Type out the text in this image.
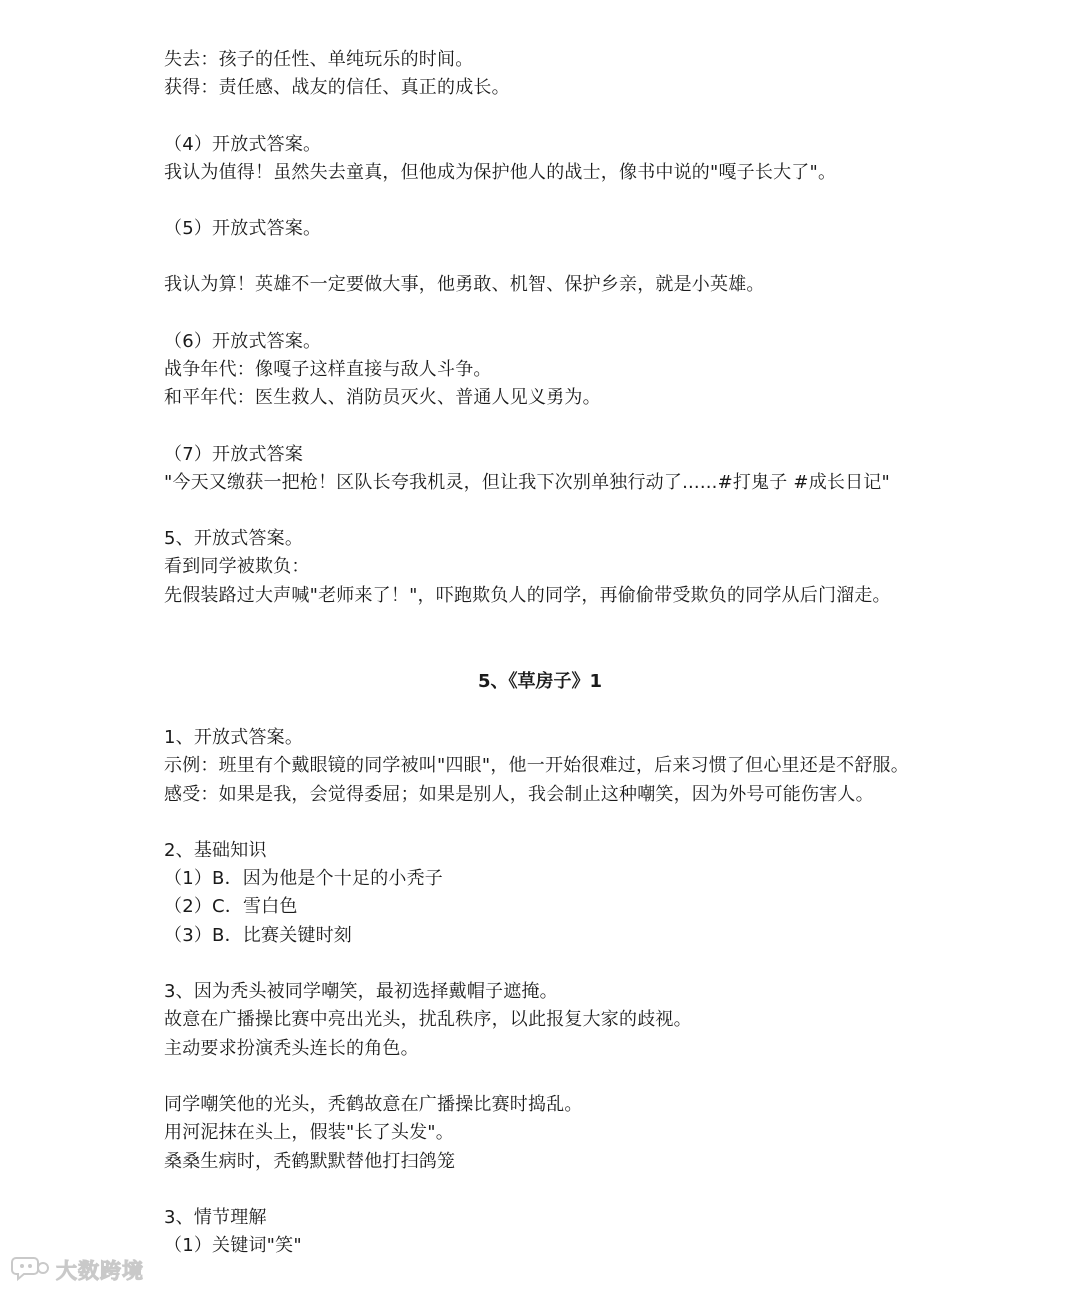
失去：孩子的任性、单纯玩乐的时间。
获得：责任感、战友的信任、真正的成长。
（4）开放式答案。
我认为值得！虽然失去童真，但他成为保护他人的战士，像书中说的"嘎子长大了"。
（5）开放式答案。
我认为算！英雄不一定要做大事，他勇敢、机智、保护乡亲，就是小英雄。
（6）开放式答案。
战争年代：像嘎子这样直接与敌人斗争。
和平年代：医生救人、消防员灭火、普通人见义勇为。
（7）开放式答案
"今天又缴获一把枪！区队长夸我机灵，但让我下次别单独行动了......#打鬼子 #成长日记"
5、开放式答案。
看到同学被欺负：
先假装路过大声喊"老师来了！"，吓跑欺负人的同学，再偷偷带受欺负的同学从后门溜走。
5、《草房子》1
1、开放式答案。
示例：班里有个戴眼镜的同学被叫"四眼"，他一开始很难过，后来习惯了但心里还是不舒服。
感受：如果是我，会觉得委屈；如果是别人，我会制止这种嘲笑，因为外号可能伤害人。
2、基础知识
（1）B．因为他是个十足的小秃子
（2）C．雪白色
（3）B．比赛关键时刻
3、因为秃头被同学嘲笑，最初选择戴帽子遮掩。
故意在广播操比赛中亮出光头，扰乱秩序，以此报复大家的歧视。
主动要求扮演秃头连长的角色。
同学嘲笑他的光头，秃鹤故意在广播操比赛时捣乱。
用河泥抹在头上，假装"长了头发"。
桑桑生病时，秃鹤默默替他打扫鸽笼
3、情节理解
（1）关键词"笑"
大数跨境
